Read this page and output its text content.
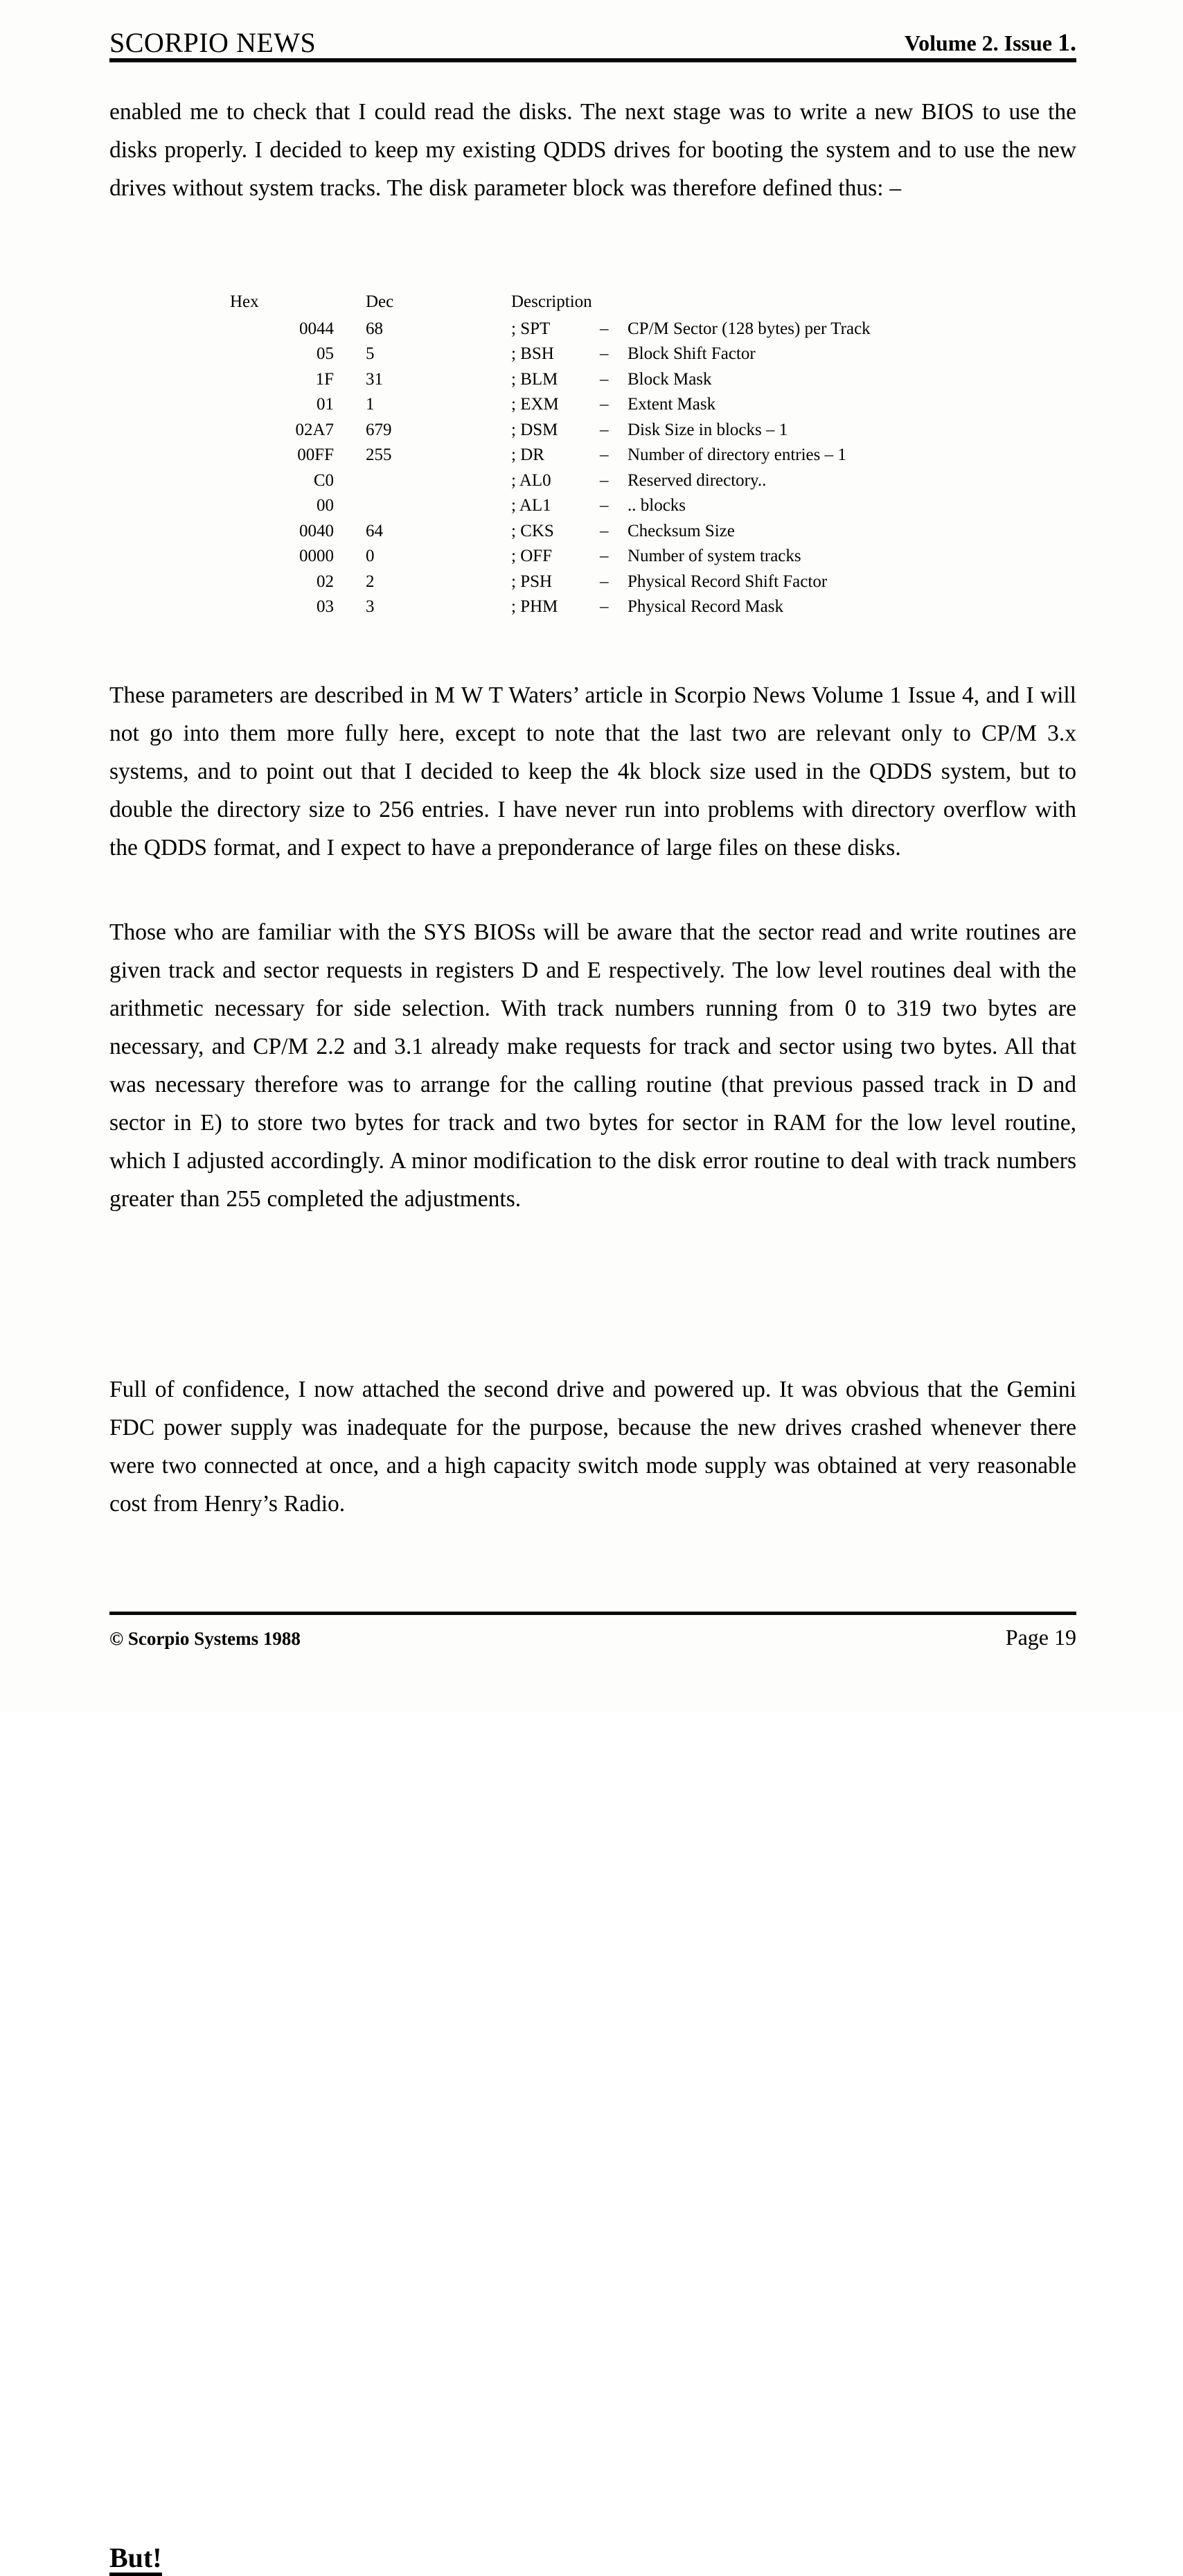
SCORPIO NEWS	Volume 2. Issue 1.

enabled me to check that I could read the disks. The next stage was to write a new BIOS to use the disks properly. I decided to keep my existing QDDS drives for booting the system and to use the new drives without system tracks. The disk parameter block was therefore defined thus: –

Hex	Dec	Description		
0044	68	; SPT	–	CP/M Sector (128 bytes) per Track
05	5	; BSH	–	Block Shift Factor
1F	31	; BLM	–	Block Mask
01	1	; EXM	–	Extent Mask
02A7	679	; DSM	–	Disk Size in blocks – 1
00FF	255	; DR	–	Number of directory entries – 1
C0		; AL0	–	Reserved directory..
00		; AL1	–	.. blocks
0040	64	; CKS	–	Checksum Size
0000	0	; OFF	–	Number of system tracks
02	2	; PSH	–	Physical Record Shift Factor
03	3	; PHM	–	Physical Record Mask

These parameters are described in M W T Waters’ article in Scorpio News Volume 1 Issue 4, and I will not go into them more fully here, except to note that the last two are relevant only to CP/M 3.x systems, and to point out that I decided to keep the 4k block size used in the QDDS system, but to double the directory size to 256 entries. I have never run into problems with directory overflow with the QDDS format, and I expect to have a preponderance of large files on these disks.

Those who are familiar with the SYS BIOSs will be aware that the sector read and write routines are given track and sector requests in registers D and E respectively. The low level routines deal with the arithmetic necessary for side selection. With track numbers running from 0 to 319 two bytes are necessary, and CP/M 2.2 and 3.1 already make requests for track and sector using two bytes. All that was necessary therefore was to arrange for the calling routine (that previous passed track in D and sector in E) to store two bytes for track and two bytes for sector in RAM for the low level routine, which I adjusted accordingly. A minor modification to the disk error routine to deal with track numbers greater than 255 completed the adjustments.

But!

Full of confidence, I now attached the second drive and powered up. It was obvious that the Gemini FDC power supply was inadequate for the purpose, because the new drives crashed whenever there were two connected at once, and a high capacity switch mode supply was obtained at very reasonable cost from Henry’s Radio.

© Scorpio Systems 1988	Page 19
